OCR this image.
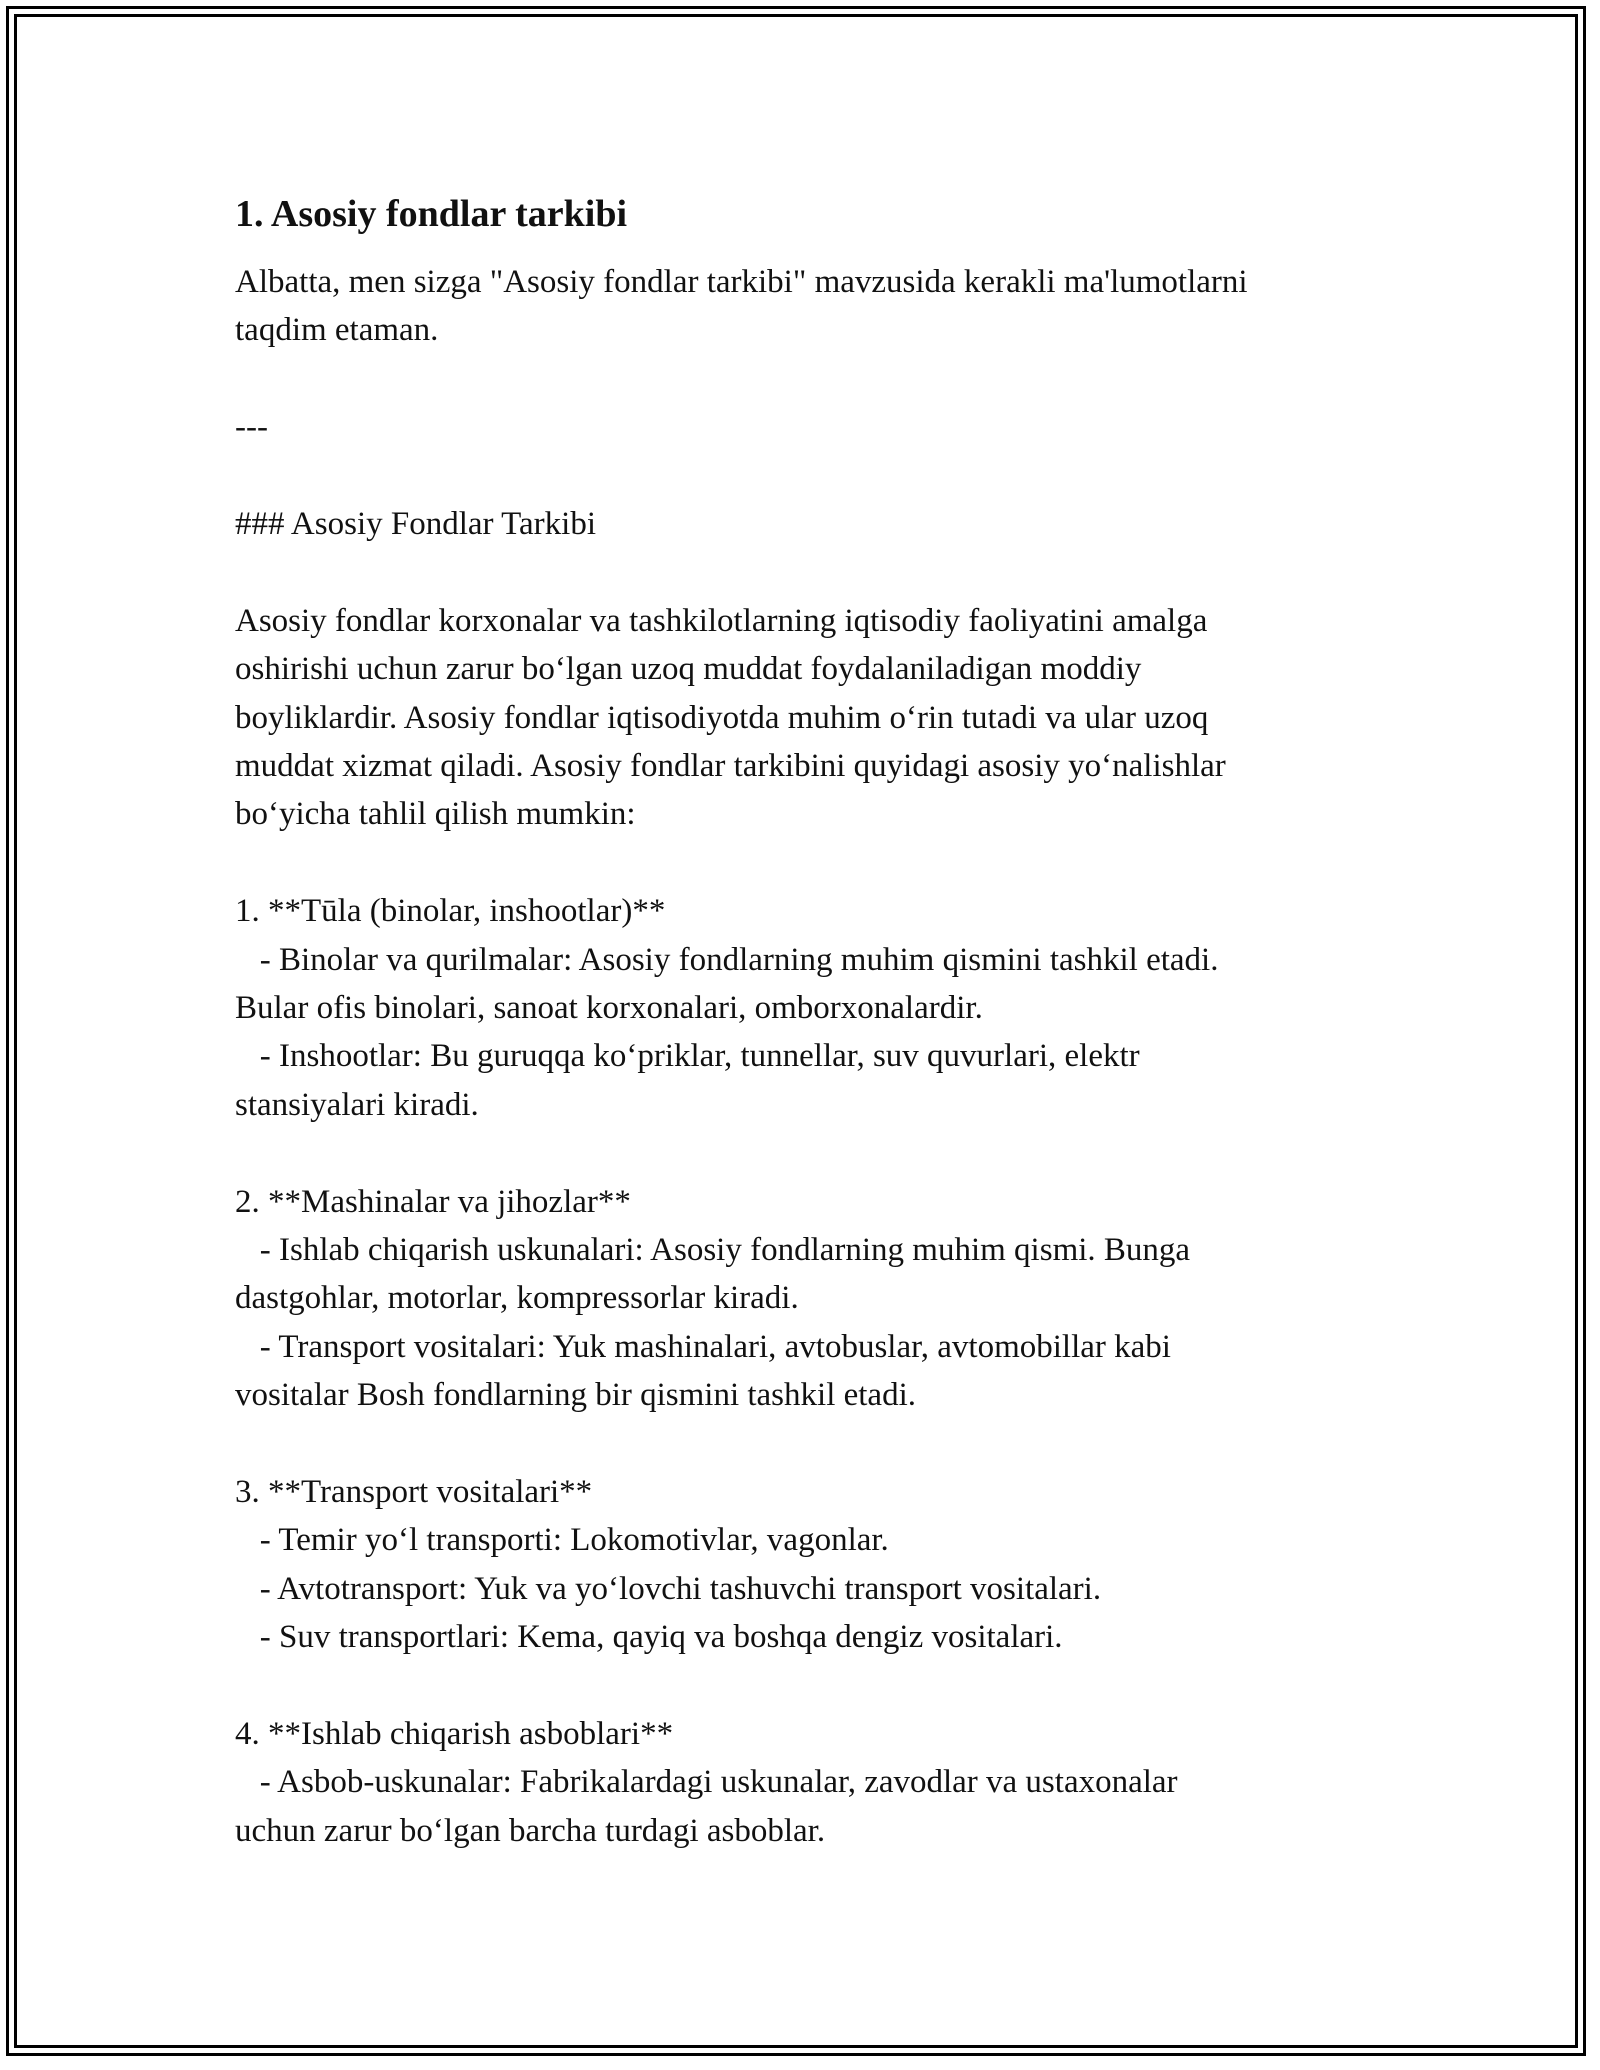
1. Asosiy fondlar tarkibi
Albatta, men sizga "Asosiy fondlar tarkibi" mavzusida kerakli ma'lumotlarni
taqdim etaman.
---
### Asosiy Fondlar Tarkibi
Asosiy fondlar korxonalar va tashkilotlarning iqtisodiy faoliyatini amalga
oshirishi uchun zarur bo‘lgan uzoq muddat foydalaniladigan moddiy
boyliklardir. Asosiy fondlar iqtisodiyotda muhim o‘rin tutadi va ular uzoq
muddat xizmat qiladi. Asosiy fondlar tarkibini quyidagi asosiy yo‘nalishlar
bo‘yicha tahlil qilish mumkin:
1. **Tūla (binolar, inshootlar)**
- Binolar va qurilmalar: Asosiy fondlarning muhim qismini tashkil etadi.
Bular ofis binolari, sanoat korxonalari, omborxonalardir.
- Inshootlar: Bu guruqqa ko‘priklar, tunnellar, suv quvurlari, elektr
stansiyalari kiradi.
2. **Mashinalar va jihozlar**
- Ishlab chiqarish uskunalari: Asosiy fondlarning muhim qismi. Bunga
dastgohlar, motorlar, kompressorlar kiradi.
- Transport vositalari: Yuk mashinalari, avtobuslar, avtomobillar kabi
vositalar Bosh fondlarning bir qismini tashkil etadi.
3. **Transport vositalari**
- Temir yo‘l transporti: Lokomotivlar, vagonlar.
- Avtotransport: Yuk va yo‘lovchi tashuvchi transport vositalari.
- Suv transportlari: Kema, qayiq va boshqa dengiz vositalari.
4. **Ishlab chiqarish asboblari**
- Asbob-uskunalar: Fabrikalardagi uskunalar, zavodlar va ustaxonalar
uchun zarur bo‘lgan barcha turdagi asboblar.
